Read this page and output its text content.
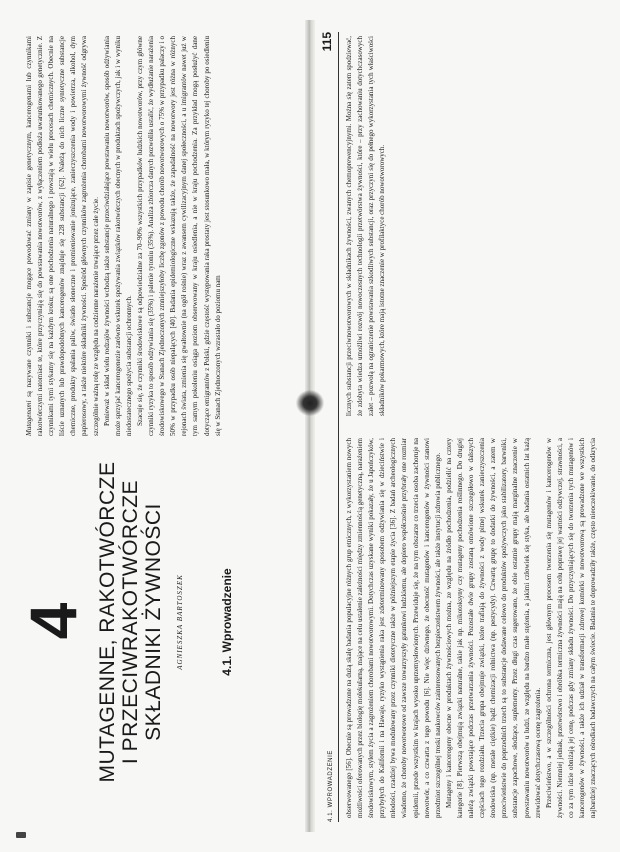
4 MUTAGENNE, RAKOTWÓRCZE I PRZECIWRAKOTWÓRCZE SKŁADNIKI ŻYWNOŚCI AGNIESZKA BARTOSZEK	4.1. Wprowadzenie

Mutagenami są nazywane czynniki i substancje mogące powodować zmiany w zapisie genetycznym, kancerogenami lub czynnikami rakotwórczymi natomiast te, które przyczyniają się do powstawania nowotworów, z wyłączeniem podłoża uwarunkowanego genetycznie. Z czynnikami tymi stykamy się na każdym kroku; są one pochodzenia naturalnego i powstają w wielu procesach chemicznych. Obecnie na liście uznanych lub prawdopodobnych kancerogenów znajduje się 228 substancji [62]. Należą do nich liczne syntetyczne substancje chemiczne, produkty spalania paliw, światło słoneczne i promieniowanie jonizujące, zanieczyszczenia wody i powietrza, alkohol, dym papierosowy, a także niektóre składniki żywności. Spośród głównych czynników zagrożenia chorobami nowotworowymi żywność odgrywa szczególnie ważną rolę ze względu na codzienne narażenie trwające przez całe życie. Ponieważ w skład wielu rodzajów żywności wchodzą także substancje przeciwdziałające powstawaniu nowotworów, sposób odżywiania może sprzyjać kancerogenezie zarówno wskutek spożywania związków rakotwórczych obecnych w produktach spożywczych, jak i w wyniku niedostatecznego spożycia substancji ochronnych. Szacuje się, że czynniki środowiskowe są odpowiedzialne za 70–90% wszystkich przypadków ludzkich nowotworów, przy czym główne czynniki ryzyka to sposób odżywiania się (35%) i palenie tytoniu (35%). Analiza zbiorcza danych pozwoliła ustalić, że wydłużanie narażenia środowiskowego w Stanach Zjednoczonych zmniejszyłoby liczbę zgonów z powodu chorób nowotworowych o 75% w przypadku palaczy i o 50% w przypadku osób niepalących [40]. Badania epidemiologiczne wskazują także, że zapadalność na nowotwory jest różna w różnych rejonach świata, zmienia się gwałtownie (na ogół rośnie) wraz z awansem cywilizacyjnym danej społeczności, a u imigrantów nawet już w tym samym pokoleniu osiąga poziom obserwowany w kraju osiedlenia, a nie w kraju pochodzenia. Za przykład mogą posłużyć dane dotyczące emigrantów z Polski, gdzie częstość występowania raka prostaty jest stosunkowo mała, w którym ryzyko tej choroby po osiedleniu się w Stanach Zjednoczonych wzrastało do poziomu nam

4.1. WPROWADZENIE
115

obserwowanego [56]. Obecnie są prowadzone na dużą skalę badania populacyjne różnych grup etnicznych, z wykorzystaniem nowych możliwości oferowanych przez biologię molekularną, mające na celu ustalenie zależności między zmiennością genetyczną, narażeniem środowiskowym, stylem życia a zagrożeniem chorobami nowotworowymi. Dotychczas uzyskane wyniki pokazały, że u Japończyków, przybyłych do Kalifornii i na Hawaje, ryzyko wystąpienia raka jest zdeterminowany sposobem odżywiania się w dzieciństwie i młodości, rzadziej bywa modulowany przez czynniki dietetyczne także w późniejszym etapie życia [36]. Z badań archeologicznych wiadomo, że choroby nowotworowe od zawsze towarzyszyły gatunkowi ludzkiemu, ale dopiero współcześnie przybrały one rozmiar epidemii, przede wszystkim w krajach wysoko uprzemysłowionych. Przewiduje się, że na tym obszarze co trzecia osoba zachoruje na nowotwór, a co czwarta z tego powodu [6]. Nie więc dziwnego, że obecność mutagenów i kancerogenów w żywności stanowi przedmiot szczególnej troski naukowców zainteresowanych bezpieczeństwem żywności, ale także instytucji zdrowia publicznego. Mutageny i kancerogeny obecne w produktach żywnościowych można, ze względu na źródło pochodzenia, podzielić na cztery kategorie [8]. Pierwszą obejmują związki naturalne, takie jak np. mikotoksyny czy mutageny pochodzenia roślinnego. Do drugiej należą związki powstające podczas przetwarzania żywności. Pozostałe dwie grupy zostaną omówione szczegółowo w dalszych częściach tego rozdziału. Trzecia grupa obejmuje związki, które trafiają do żywności z wody pitnej wskutek zanieczyszczenia środowiska (np. metale ciężkie) bądź chemizacji rolnictwa (np. pestycydy). Czwartą grupę to dodatki do żywności, a zatem w przeciwieństwie do poprzednich trzech są to substancje dodawane celowo do produktów spożywczych jako stabilizatory, barwniki, substancje zapachowe, słodzące, suplementy. Przez długi czas sugerowano, że obie ostatnie grupy mają marginalne znaczenie w powstawaniu nowotworów u ludzi, ze względu na bardzo małe stężenia, a jakimi człowiek się styka, ale badania ostatnich lat każą zrewidować dotychczasową ocenę zagrożenia. Przeciwieństwo, a w szczególności ochrona termiczna, jest głównym procesem tworzenia się mutagenów i kancerogenów w żywności. Niemniej jednak, przetwórstwo i obróbka termiczna żywności mają na celu poprawę jej wartości odżywczej, strawności, a co za tym idzie obniżają jej cenę, podczas gdy zmiany składu żywności. Do przyczyniających się do tworzenia tych mutagenów i kancerogenów w żywności, a także ich udział w transformacji zdrowej komórki w nowotworową są prowadzone we wszystkich najbardziej znaczących ośrodkach badawczych na całym świecie. Badania te doprowadziły także, często nieoczekiwanie, do odkrycia licznych substancji przeciwnowotworowych w składnikach żywności, zwanych chemoprewencyjnymi. Można się zatem spodziewać, że zdobyta wiedza umożliwi rozwój nowoczesnych technologii przetwórstwa żywności, które – przy zachowaniu dotychczasowych zalet – pozwolą na ograniczenie powstawania szkodliwych substancji, oraz przyczyni się do pełnego wykorzystania tych właściwości składników pokarmowych, które mają istotne znaczenie w profilaktyce chorób nowotworowych.
